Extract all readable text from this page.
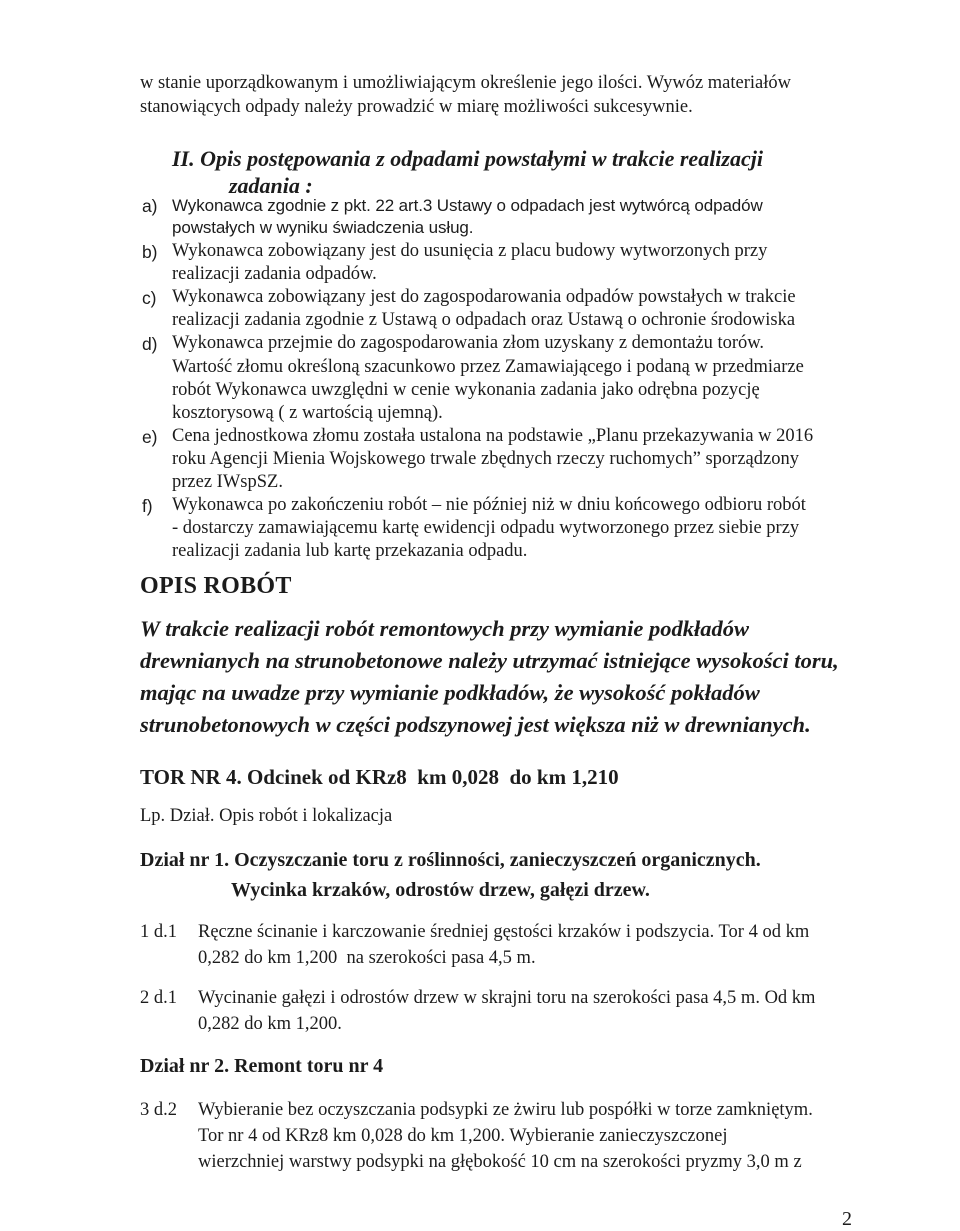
w stanie uporządkowanym i umożliwiającym określenie jego ilości. Wywóz materiałów
stanowiących odpady należy prowadzić w miarę możliwości sukcesywnie.
II. Opis postępowania z odpadami powstałymi w trakcie realizacji
zadania :
a) Wykonawca zgodnie z pkt. 22 art.3 Ustawy o odpadach jest wytwórcą odpadów
powstałych w wyniku świadczenia usług.
b) Wykonawca zobowiązany jest do usunięcia z placu budowy wytworzonych przy
realizacji zadania odpadów.
c) Wykonawca zobowiązany jest do zagospodarowania odpadów powstałych w trakcie
realizacji zadania zgodnie z Ustawą o odpadach oraz Ustawą o ochronie środowiska
d) Wykonawca przejmie do zagospodarowania złom uzyskany z demontażu torów.
Wartość złomu określoną szacunkowo przez Zamawiającego i podaną w przedmiarze
robót Wykonawca uwzględni w cenie wykonania zadania jako odrębna pozycję
kosztorysową ( z wartością ujemną).
e) Cena jednostkowa złomu została ustalona na podstawie „Planu przekazywania w 2016
roku Agencji Mienia Wojskowego trwale zbędnych rzeczy ruchomych” sporządzony
przez IWspSZ.
f) Wykonawca po zakończeniu robót – nie później niż w dniu końcowego odbioru robót
- dostarczy zamawiającemu kartę ewidencji odpadu wytworzonego przez siebie przy
realizacji zadania lub kartę przekazania odpadu.
OPIS ROBÓT
W trakcie realizacji robót remontowych przy wymianie podkładów
drewnianych na strunobetonowe należy utrzymać istniejące wysokości toru,
mając na uwadze przy wymianie podkładów, że wysokość pokładów
strunobetonowych w części podszynowej jest większa niż w drewnianych.
TOR NR 4. Odcinek od KRz8  km 0,028  do km 1,210
Lp. Dział. Opis robót i lokalizacja
Dział nr 1. Oczyszczanie toru z roślinności, zanieczyszczeń organicznych.
Wycinka krzaków, odrostów drzew, gałęzi drzew.
1 d.1 Ręczne ścinanie i karczowanie średniej gęstości krzaków i podszycia. Tor 4 od km
0,282 do km 1,200  na szerokości pasa 4,5 m.
2 d.1 Wycinanie gałęzi i odrostów drzew w skrajni toru na szerokości pasa 4,5 m. Od km
0,282 do km 1,200.
Dział nr 2. Remont toru nr 4
3 d.2 Wybieranie bez oczyszczania podsypki ze żwiru lub pospółki w torze zamkniętym.
Tor nr 4 od KRz8 km 0,028 do km 1,200. Wybieranie zanieczyszczonej
wierzchniej warstwy podsypki na głębokość 10 cm na szerokości pryzmy 3,0 m z
2
